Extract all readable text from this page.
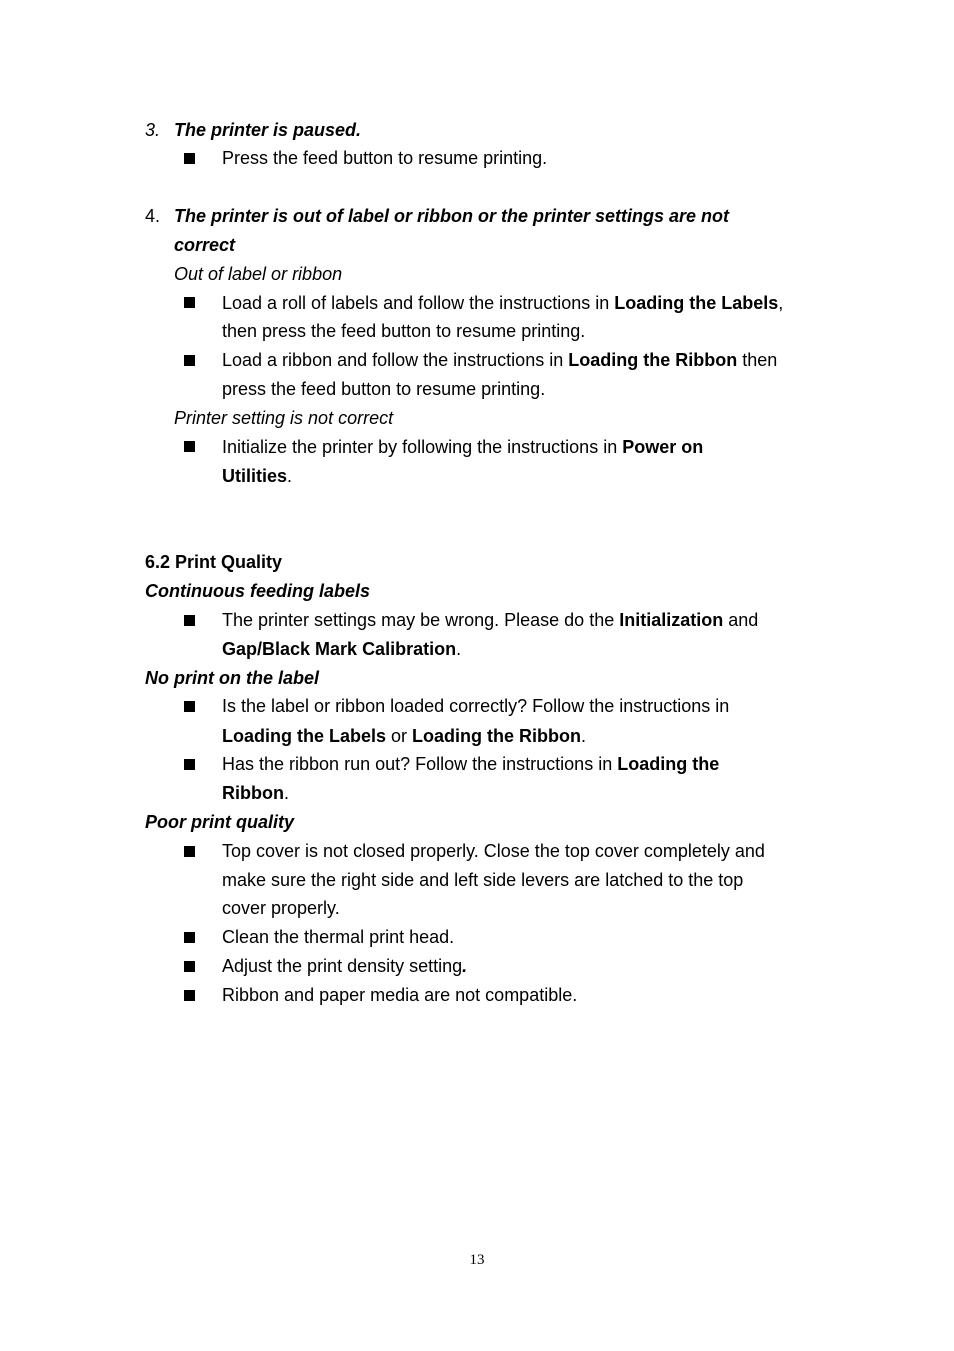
3. The printer is paused.
Press the feed button to resume printing.
4. The printer is out of label or ribbon or the printer settings are not
correct
Out of label or ribbon
Load a roll of labels and follow the instructions in Loading the Labels,
then press the feed button to resume printing.
Load a ribbon and follow the instructions in Loading the Ribbon then
press the feed button to resume printing.
Printer setting is not correct
Initialize the printer by following the instructions in Power on
Utilities.
6.2 Print Quality
Continuous feeding labels
The printer settings may be wrong. Please do the Initialization and
Gap/Black Mark Calibration.
No print on the label
Is the label or ribbon loaded correctly? Follow the instructions in
Loading the Labels or Loading the Ribbon.
Has the ribbon run out? Follow the instructions in Loading the
Ribbon.
Poor print quality
Top cover is not closed properly. Close the top cover completely and
make sure the right side and left side levers are latched to the top
cover properly.
Clean the thermal print head.
Adjust the print density setting.
Ribbon and paper media are not compatible.
13
